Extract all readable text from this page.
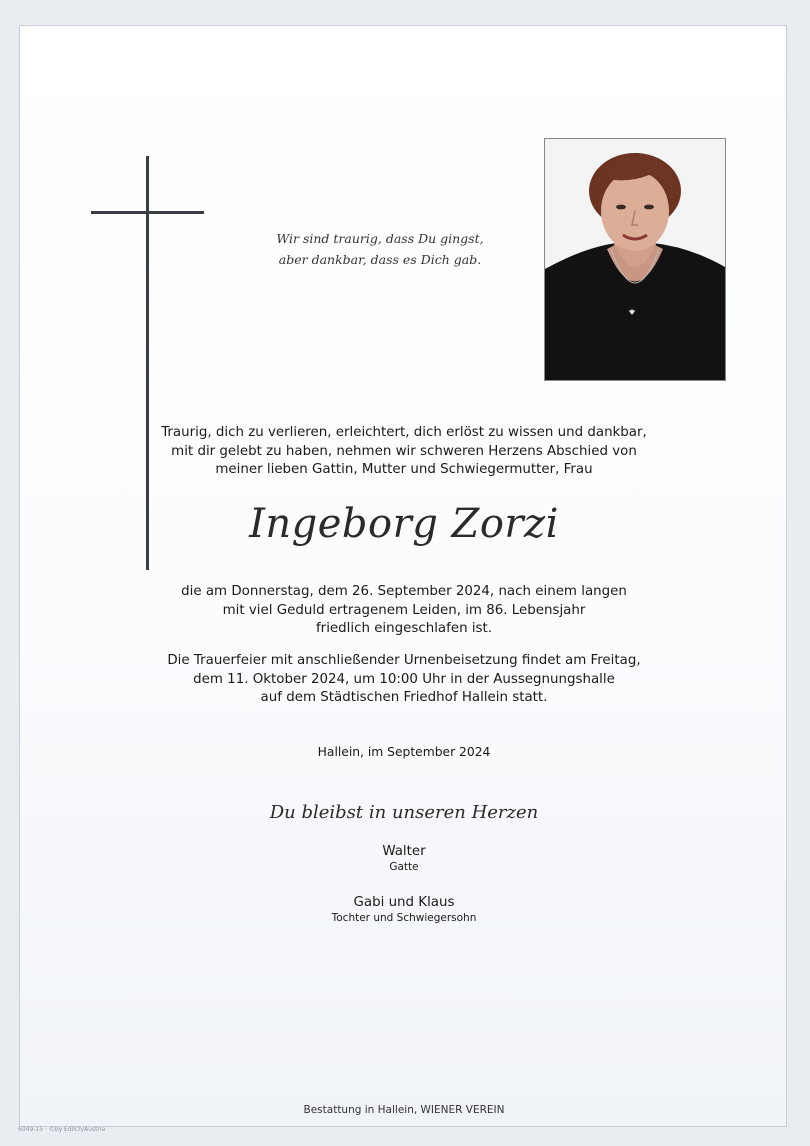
Wir sind traurig, dass Du gingst,
aber dankbar, dass es Dich gab.
Traurig, dich zu verlieren, erleichtert, dich erlöst zu wissen und dankbar,
mit dir gelebt zu haben, nehmen wir schweren Herzens Abschied von
meiner lieben Gattin, Mutter und Schwiegermutter, Frau
Ingeborg Zorzi
die am Donnerstag, dem 26. September 2024, nach einem langen
mit viel Geduld ertragenem Leiden, im 86. Lebensjahr
friedlich eingeschlafen ist.
Die Trauerfeier mit anschließender Urnenbeisetzung findet am Freitag,
dem 11. Oktober 2024, um 10:00 Uhr in der Aussegnungshalle
auf dem Städtischen Friedhof Hallein statt.
Hallein, im September 2024
Du bleibst in unseren Herzen
Walter
Gatte
Gabi und Klaus
Tochter und Schwiegersohn
Bestattung in Hallein, WIENER VEREIN
6049-15 · ©by Edlich/Austria
